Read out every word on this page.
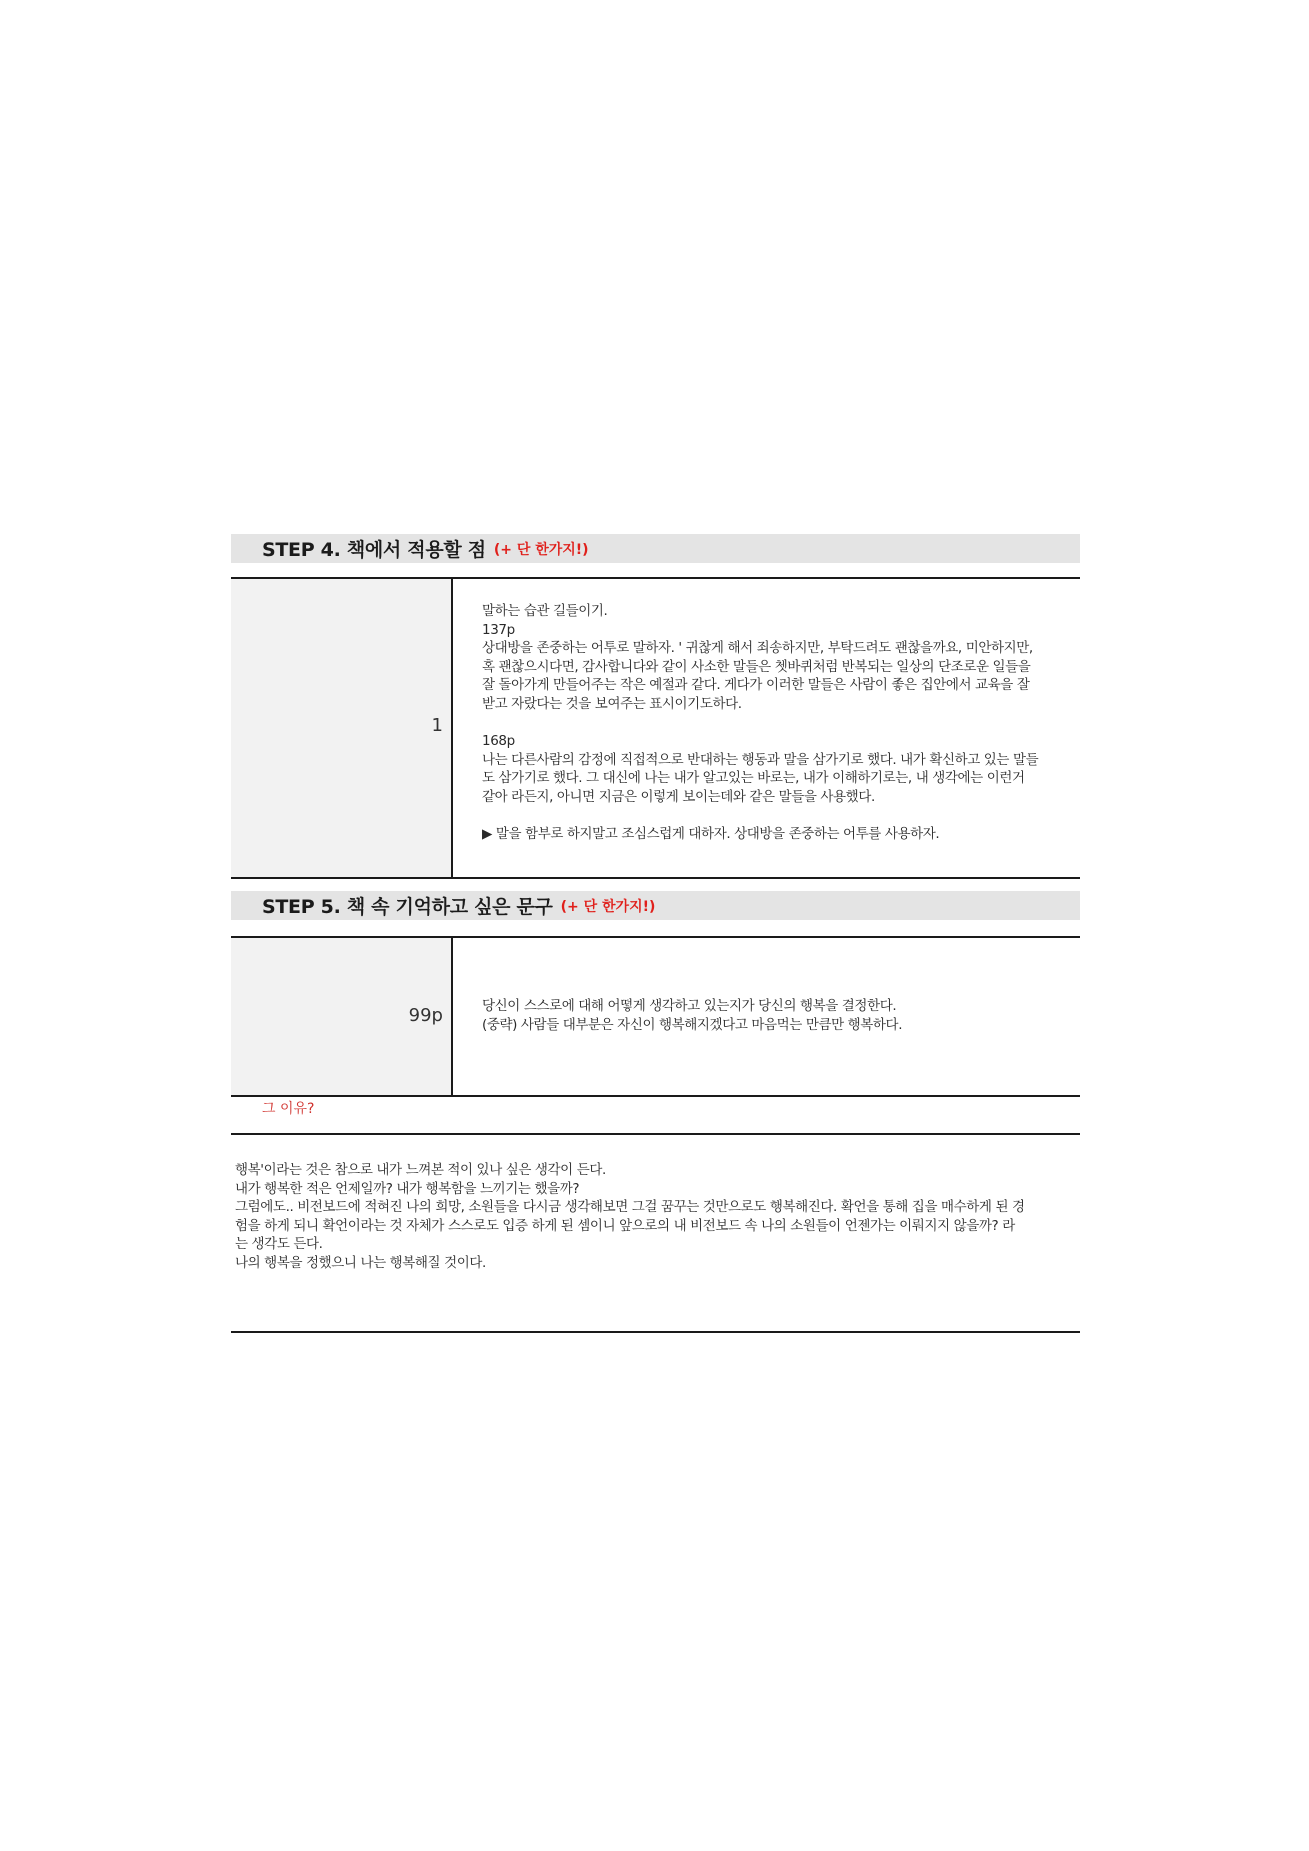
STEP 4. 책에서 적용할 점 (+ 단 한가지!)
1

말하는 습관 길들이기.

137p

상대방을 존중하는 어투로 말하자. ' 귀찮게 해서 죄송하지만, 부탁드려도 괜찮을까요, 미안하지만,

혹 괜찮으시다면, 감사합니다와 같이 사소한 말들은 쳇바퀴처럼 반복되는 일상의 단조로운 일들을

잘 돌아가게 만들어주는 작은 예절과 같다. 게다가 이러한 말들은 사람이 좋은 집안에서 교육을 잘

받고 자랐다는 것을 보여주는 표시이기도하다.

168p

나는 다른사람의 감정에 직접적으로 반대하는 행동과 말을 삼가기로 했다. 내가 확신하고 있는 말들

도 삼가기로 했다. 그 대신에 나는 내가 알고있는 바로는, 내가 이해하기로는, 내 생각에는 이런거

같아 라든지, 아니면 지금은 이렇게 보이는데와 같은 말들을 사용했다.

▶ 말을 함부로 하지말고 조심스럽게 대하자. 상대방을 존중하는 어투를 사용하자.

STEP 5. 책 속 기억하고 싶은 문구 (+ 단 한가지!)
99p	당신이 스스로에 대해 어떻게 생각하고 있는지가 당신의 행복을 결정한다.

(중략) 사람들 대부분은 자신이 행복해지겠다고 마음먹는 만큼만 행복하다.

그 이유?

행복'이라는 것은 참으로 내가 느껴본 적이 있나 싶은 생각이 든다.

내가 행복한 적은 언제일까? 내가 행복함을 느끼기는 했을까?

그럼에도.. 비전보드에 적혀진 나의 희망, 소원들을 다시금 생각해보면 그걸 꿈꾸는 것만으로도 행복해진다. 확언을 통해 집을 매수하게 된 경

험을 하게 되니 확언이라는 것 자체가 스스로도 입증 하게 된 셈이니 앞으로의 내 비전보드 속 나의 소원들이 언젠가는 이뤄지지 않을까? 라

는 생각도 든다.

나의 행복을 정했으니 나는 행복해질 것이다.
